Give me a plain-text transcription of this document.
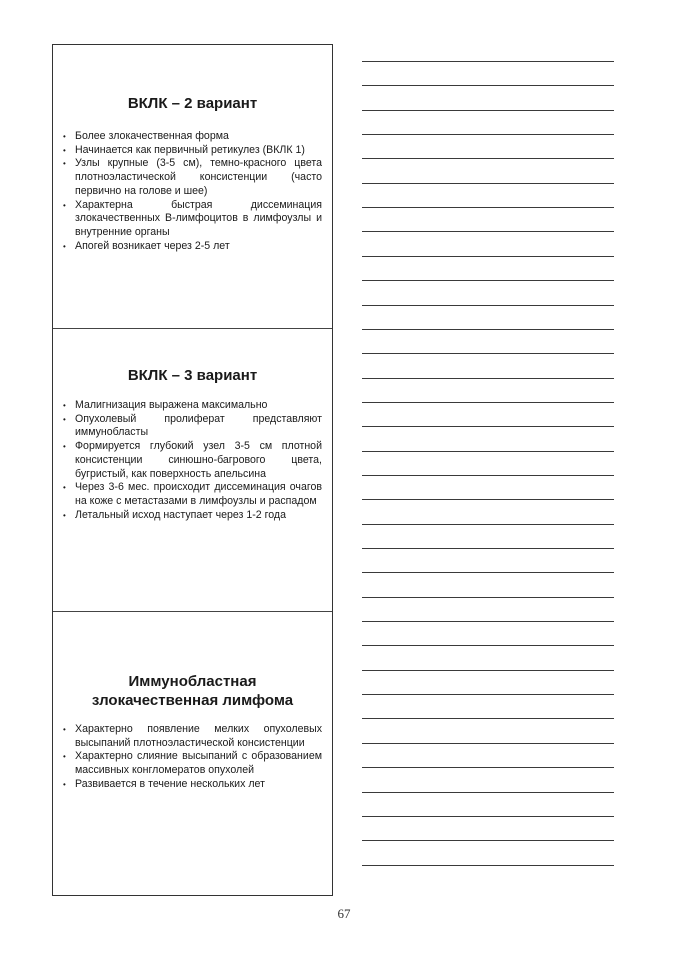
ВКЛК – 2 вариант
• Более злокачественная форма
• Начинается как первичный ретикулез (ВКЛК 1)
• Узлы крупные (3-5 см), темно-красного цвета плотноэластической консистенции (часто первично на голове и шее)
• Характерна быстрая диссеминация злокачественных В-лимфоцитов в лимфоузлы и внутренние органы
• Апогей возникает через 2-5 лет
ВКЛК – 3 вариант
• Малигнизация выражена максимально
• Опухолевый пролиферат представляют иммунобласты
• Формируется глубокий узел 3-5 см плотной консистенции синюшно-багрового цвета, бугристый, как поверхность апельсина
• Через 3-6 мес. происходит диссеминация очагов на коже с метастазами в лимфоузлы и распадом
• Летальный исход наступает через 1-2 года
Иммунобластная
злокачественная лимфома
• Характерно появление мелких опухолевых высыпаний плотноэластической консистенции
• Характерно слияние высыпаний с образованием массивных конгломератов опухолей
• Развивается в течение нескольких лет
67
